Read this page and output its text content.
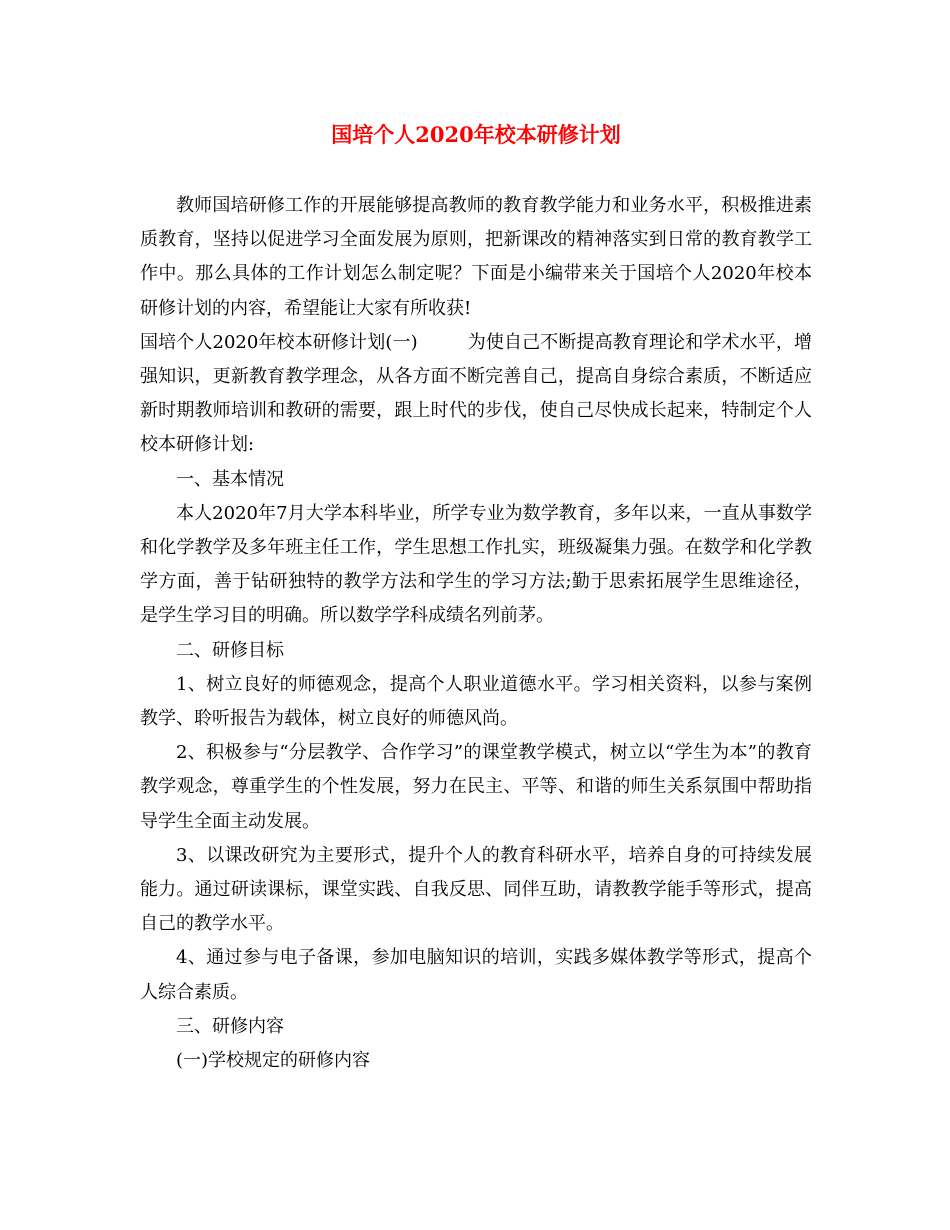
国培个人2020年校本研修计划

教师国培研修工作的开展能够提高教师的教育教学能力和业务水平，积极推进素质教育，坚持以促进学习全面发展为原则，把新课改的精神落实到日常的教育教学工作中。那么具体的工作计划怎么制定呢？下面是小编带来关于国培个人2020年校本研修计划的内容，希望能让大家有所收获!

国培个人2020年校本研修计划(一)	为使自己不断提高教育理论和学术水平，增强知识，更新教育教学理念，从各方面不断完善自己，提高自身综合素质，不断适应新时期教师培训和教研的需要，跟上时代的步伐，使自己尽快成长起来，特制定个人校本研修计划:

一、基本情况

本人2020年7月大学本科毕业，所学专业为数学教育，多年以来，一直从事数学和化学教学及多年班主任工作，学生思想工作扎实，班级凝集力强。在数学和化学教学方面，善于钻研独特的教学方法和学生的学习方法;勤于思索拓展学生思维途径，是学生学习目的明确。所以数学学科成绩名列前茅。

二、研修目标

1、树立良好的师德观念，提高个人职业道德水平。学习相关资料，以参与案例教学、聆听报告为载体，树立良好的师德风尚。

2、积极参与“分层教学、合作学习”的课堂教学模式，树立以“学生为本”的教育教学观念，尊重学生的个性发展，努力在民主、平等、和谐的师生关系氛围中帮助指导学生全面主动发展。

3、以课改研究为主要形式，提升个人的教育科研水平，培养自身的可持续发展能力。通过研读课标，课堂实践、自我反思、同伴互助，请教教学能手等形式，提高自己的教学水平。

4、通过参与电子备课，参加电脑知识的培训，实践多媒体教学等形式，提高个人综合素质。

三、研修内容

(一)学校规定的研修内容
